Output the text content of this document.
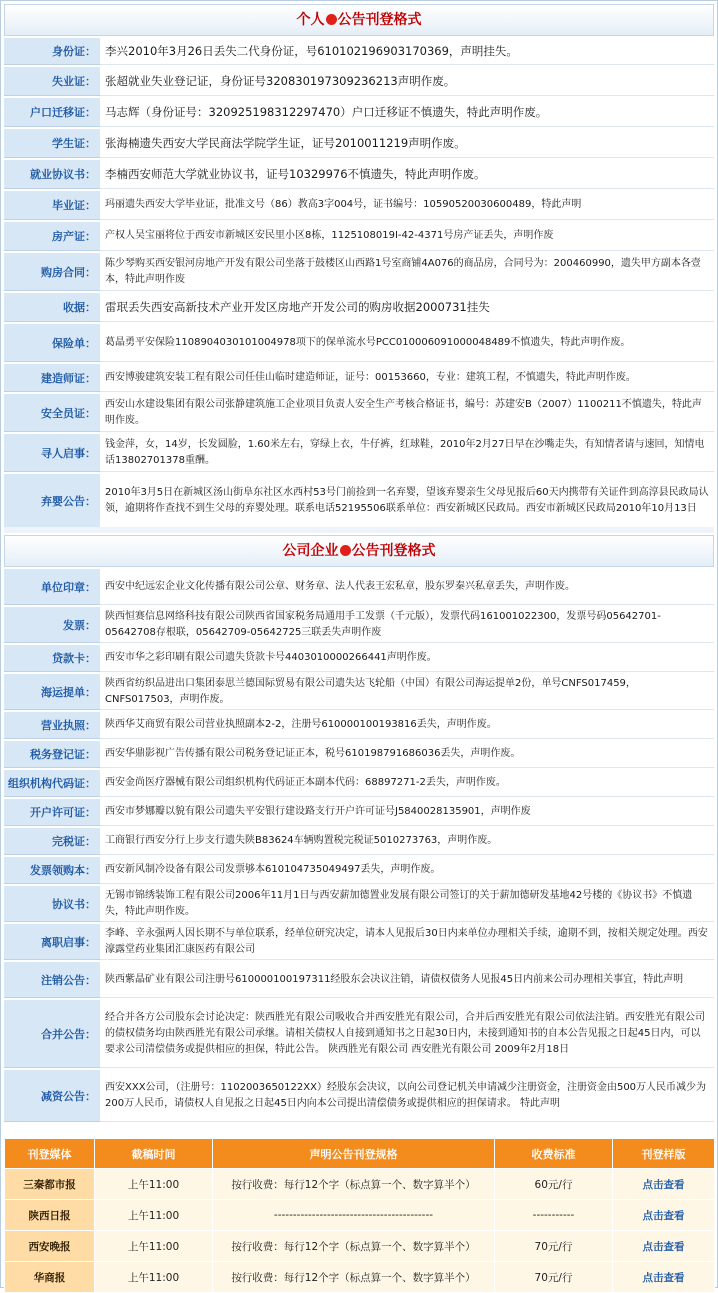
个人 公告刊登格式
身份证：	李兴2010年3月26日丢失二代身份证，号610102196903170369，声明挂失。
失业证：	张超就业失业登记证，身份证号320830197309236213声明作废。
户口迁移证：	马志辉（身份证号：320925198312297470）户口迁移证不慎遗失，特此声明作废。
学生证：	张海楠遗失西安大学民商法学院学生证，证号2010011219声明作废。
就业协议书：	李楠西安师范大学就业协议书，证号10329976不慎遗失，特此声明作废。
毕业证：	玛丽遗失西安大学毕业证，批准文号（86）教高3字004号，证书编号：10590520030600489，特此声明
房产证：	产权人吴宝丽将位于西安市新城区安民里小区8栋，1125108019I-42-4371号房产证丢失，声明作废
购房合同：	陈少琴购买西安银河房地产开发有限公司坐落于鼓楼区山西路1号室商铺4A076的商品房，合同号为：200460990，遗失甲方副本各壹本，特此声明作废
收据：	雷珉丢失西安高新技术产业开发区房地产开发公司的购房收据2000731挂失
保险单：	葛晶勇平安保险1108904030101004978项下的保单流水号PCC010006091000048489不慎遗失，特此声明作废。
建造师证：	西安博骏建筑安装工程有限公司任佳山临时建造师证，证号：00153660，专业：建筑工程，不慎遗失，特此声明作废。
安全员证：	西安山水建设集团有限公司张静建筑施工企业项目负责人安全生产考核合格证书，编号：苏建安B（2007）1100211不慎遗失，特此声明作废。
寻人启事：	钱金萍，女，14岁，长发圆脸，1.60米左右，穿绿上衣，牛仔裤，红球鞋，2010年2月27日早在沙嘴走失，有知情者请与速回，知情电话13802701378重酬。
弃婴公告：	2010年3月5日在新城区汤山街阜东社区水西村53号门前捡到一名弃婴，望该弃婴亲生父母见报后60天内携带有关证件到高淳县民政局认领，逾期将作查找不到生父母的弃婴处理。联系电话52195506联系单位：西安新城区民政局。西安市新城区民政局2010年10月13日
公司企业 公告刊登格式
单位印章：	西安中纪远宏企业文化传播有限公司公章、财务章、法人代表王宏私章，股东罗秦兴私章丢失，声明作废。
发票：	陕西恒赛信息网络科技有限公司陕西省国家税务局通用手工发票（千元版），发票代码161001022300，发票号码05642701-05642708存根联，05642709-05642725三联丢失声明作废
贷款卡：	西安市华之彩印刷有限公司遗失贷款卡号4403010000266441声明作废。
海运提单：	陕西省纺织品进出口集团泰思兰德国际贸易有限公司遗失达飞轮船（中国）有限公司海运提单2份，单号CNFS017459，CNFS017503，声明作废。
营业执照：	陕西华艾商贸有限公司营业执照副本2-2，注册号610000100193816丢失，声明作废。
税务登记证：	西安华鼎影视广告传播有限公司税务登记证正本，税号610198791686036丢失，声明作废。
组织机构代码证：	西安金尚医疗器械有限公司组织机构代码证正本副本代码：68897271-2丢失，声明作废。
开户许可证：	西安市梦娜瓣以貌有限公司遗失平安银行建设路支行开户许可证号J5840028135901，声明作废
完税证：	工商银行西安分行上步支行遗失陕B83624车辆购置税完税证5010273763，声明作废。
发票领购本：	西安新风制冷设备有限公司发票够本610104735049497丢失，声明作废。
协议书：	无锡市锦绣装饰工程有限公司2006年11月1日与西安薪加德置业发展有限公司签订的关于薪加德研发基地42号楼的《协议书》不慎遗失，特此声明作废。
离职启事：	李峰、辛永强两人因长期不与单位联系，经单位研究决定，请本人见报后30日内来单位办理相关手续，逾期不到，按相关规定处理。西安濠露堂药业集团汇康医药有限公司
注销公告：	陕西紫晶矿业有限公司注册号610000100197311经股东会决议注销，请债权债务人见报45日内前来公司办理相关事宜，特此声明
合并公告：	经合并各方公司股东会讨论决定：陕西胜光有限公司吸收合并西安胜光有限公司，合并后西安胜光有限公司依法注销。西安胜光有限公司的债权债务均由陕西胜光有限公司承继。请相关债权人自接到通知书之日起30日内，未接到通知书的自本公告见报之日起45日内，可以要求公司清偿债务或提供相应的担保，特此公告。 陕西胜光有限公司 西安胜光有限公司 2009年2月18日
减资公告：	西安XXX公司，（注册号：1102003650122XX）经股东会决议，以向公司登记机关申请减少注册资金，注册资金由500万人民币减少为200万人民币，请债权人自见报之日起45日内向本公司提出清偿债务或提供相应的担保请求。 特此声明
刊登媒体	截稿时间	声明公告刊登规格	收费标准	刊登样版
三秦都市报	上午11:00	按行收费：每行12个字（标点算一个、数字算半个）	60元/行	点击查看
陕西日报	上午11:00	------------------------------------------	-----------	点击查看
西安晚报	上午11:00	按行收费：每行12个字（标点算一个、数字算半个）	70元/行	点击查看
华商报	上午11:00	按行收费：每行12个字（标点算一个、数字算半个）	70元/行	点击查看
